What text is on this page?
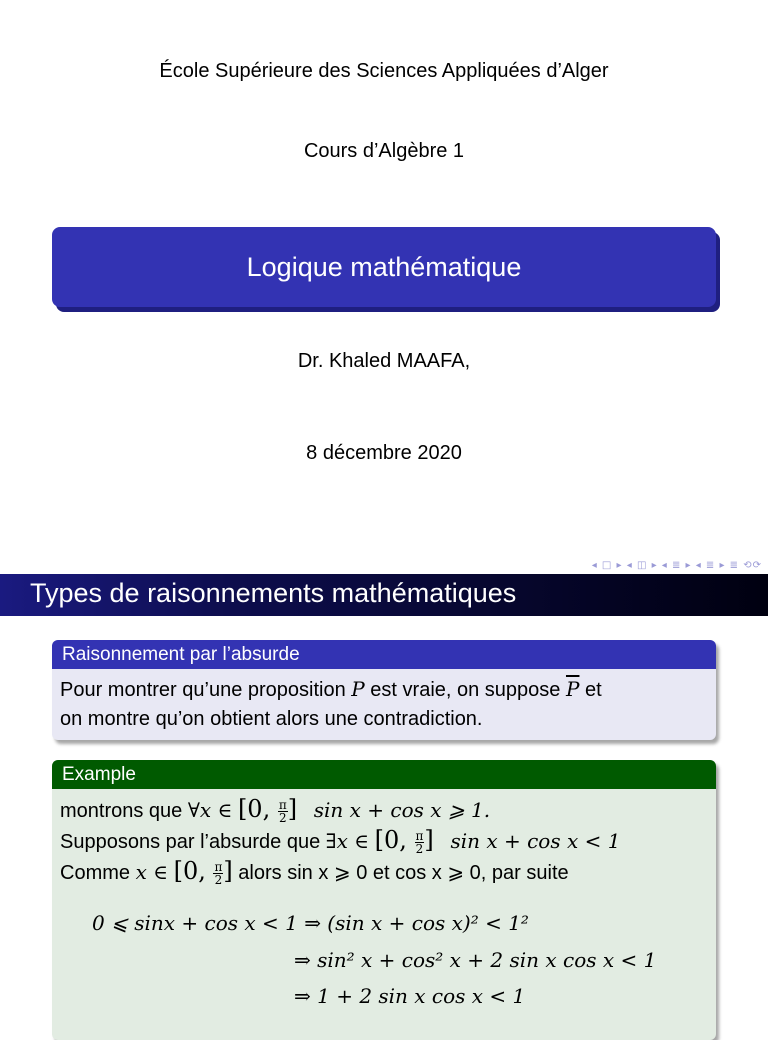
École Supérieure des Sciences Appliquées d’Alger
Cours d’Algèbre 1
Logique mathématique
Dr. Khaled MAAFA,
8 décembre 2020
◂ □ ▸ ◂ ◫ ▸ ◂ ≣ ▸ ◂ ≣ ▸ ≣ ⟲⟳
Types de raisonnements mathématiques
Raisonnement par l’absurde
Pour montrer qu’une proposition P est vraie, on suppose $\overline{P}$ et
on montre qu’on obtient alors une contradiction.
Example
montrons que ∀x ∈ [0, $\frac{\pi}{2}$ ] sin x + cos x ⩾ 1.
Supposons par l’absurde que ∃x ∈ [0, $\frac{\pi}{2}$ ] sin x + cos x < 1
Comme x ∈ [0, $\frac{\pi}{2}$ ] alors sin x ⩾ 0 et cos x ⩾ 0, par suite
0 ⩽ sinx + cos x < 1 ⇒ (sin x + cos x)² < 1²
⇒ sin² x + cos² x + 2 sin x cos x < 1
⇒ 1 + 2 sin x cos x < 1
